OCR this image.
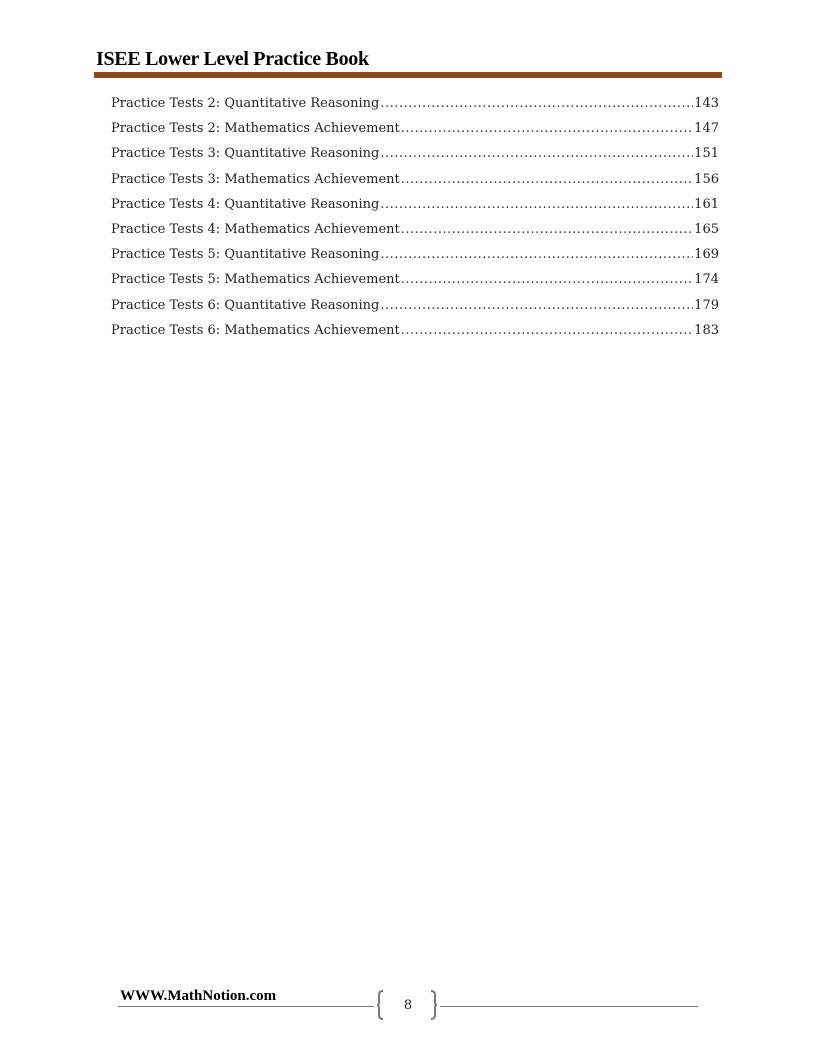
ISEE Lower Level Practice Book
Practice Tests 2: Quantitative Reasoning .....	143
Practice Tests 2: Mathematics Achievement .....	147
Practice Tests 3: Quantitative Reasoning .....	151
Practice Tests 3: Mathematics Achievement .....	156
Practice Tests 4: Quantitative Reasoning .....	161
Practice Tests 4: Mathematics Achievement .....	165
Practice Tests 5: Quantitative Reasoning .....	169
Practice Tests 5: Mathematics Achievement .....	174
Practice Tests 6: Quantitative Reasoning .....	179
Practice Tests 6: Mathematics Achievement .....	183
WWW.MathNotion.com
8
